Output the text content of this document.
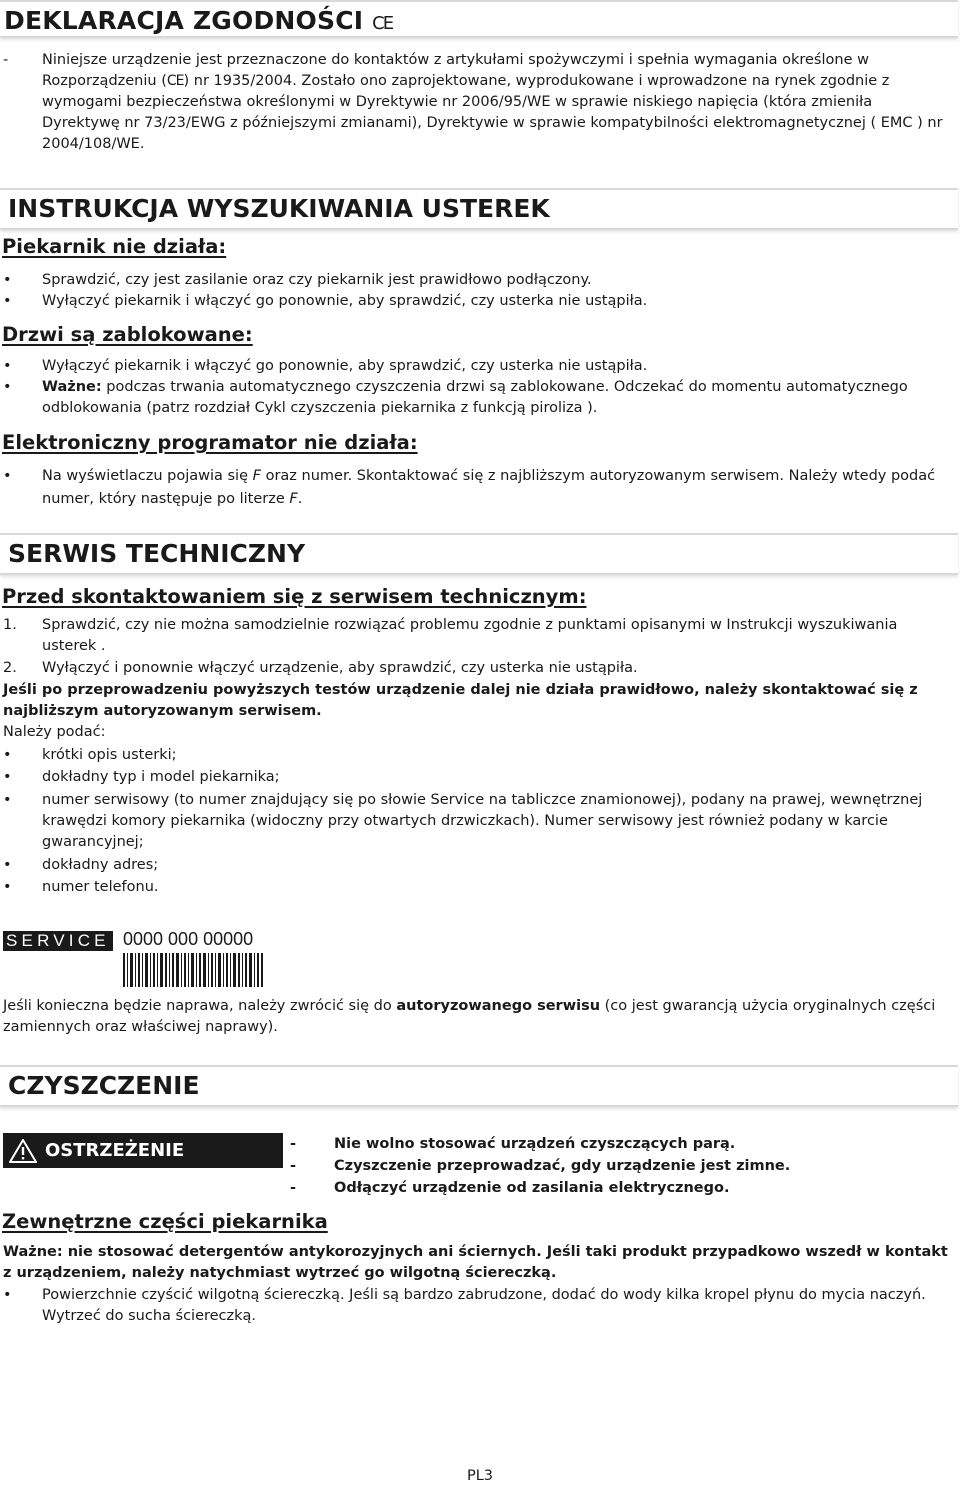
DEKLARACJA ZGODNOŚCI CE
- Niniejsze urządzenie jest przeznaczone do kontaktów z artykułami spożywczymi i spełnia wymagania określone w Rozporządzeniu (CE) nr 1935/2004. Zostało ono zaprojektowane, wyprodukowane i wprowadzone na rynek zgodnie z wymogami bezpieczeństwa określonymi w Dyrektywie nr 2006/95/WE w sprawie niskiego napięcia (która zmieniła Dyrektywę nr 73/23/EWG z późniejszymi zmianami), Dyrektywie w sprawie kompatybilności elektromagnetycznej ( EMC ) nr 2004/108/WE.
INSTRUKCJA WYSZUKIWANIA USTEREK
Piekarnik nie działa:
• Sprawdzić, czy jest zasilanie oraz czy piekarnik jest prawidłowo podłączony.
• Wyłączyć piekarnik i włączyć go ponownie, aby sprawdzić, czy usterka nie ustąpiła.
Drzwi są zablokowane:
• Wyłączyć piekarnik i włączyć go ponownie, aby sprawdzić, czy usterka nie ustąpiła.
• Ważne: podczas trwania automatycznego czyszczenia drzwi są zablokowane. Odczekać do momentu automatycznego odblokowania (patrz rozdział Cykl czyszczenia piekarnika z funkcją piroliza ).
Elektroniczny programator nie działa:
• Na wyświetlaczu pojawia się F oraz numer. Skontaktować się z najbliższym autoryzowanym serwisem. Należy wtedy podać numer, który następuje po literze F.
SERWIS TECHNICZNY
Przed skontaktowaniem się z serwisem technicznym:
1. Sprawdzić, czy nie można samodzielnie rozwiązać problemu zgodnie z punktami opisanymi w Instrukcji wyszukiwania usterek .
2. Wyłączyć i ponownie włączyć urządzenie, aby sprawdzić, czy usterka nie ustąpiła.
Jeśli po przeprowadzeniu powyższych testów urządzenie dalej nie działa prawidłowo, należy skontaktować się z najbliższym autoryzowanym serwisem.
Należy podać:
• krótki opis usterki;
• dokładny typ i model piekarnika;
• numer serwisowy (to numer znajdujący się po słowie Service na tabliczce znamionowej), podany na prawej, wewnętrznej krawędzi komory piekarnika (widoczny przy otwartych drzwiczkach). Numer serwisowy jest również podany w karcie gwarancyjnej;
• dokładny adres;
• numer telefonu.
SERVICE 0000 000 00000
Jeśli konieczna będzie naprawa, należy zwrócić się do autoryzowanego serwisu (co jest gwarancją użycia oryginalnych części zamiennych oraz właściwej naprawy).
CZYSZCZENIE
OSTRZEŻENIE	-	Nie wolno stosować urządzeń czyszczących parą.
-	Czyszczenie przeprowadzać, gdy urządzenie jest zimne.
-	Odłączyć urządzenie od zasilania elektrycznego.
Zewnętrzne części piekarnika
Ważne: nie stosować detergentów antykorozyjnych ani ściernych. Jeśli taki produkt przypadkowo wszedł w kontakt z urządzeniem, należy natychmiast wytrzeć go wilgotną ściereczką.
• Powierzchnie czyścić wilgotną ściereczką. Jeśli są bardzo zabrudzone, dodać do wody kilka kropel płynu do mycia naczyń. Wytrzeć do sucha ściereczką.
PL3
